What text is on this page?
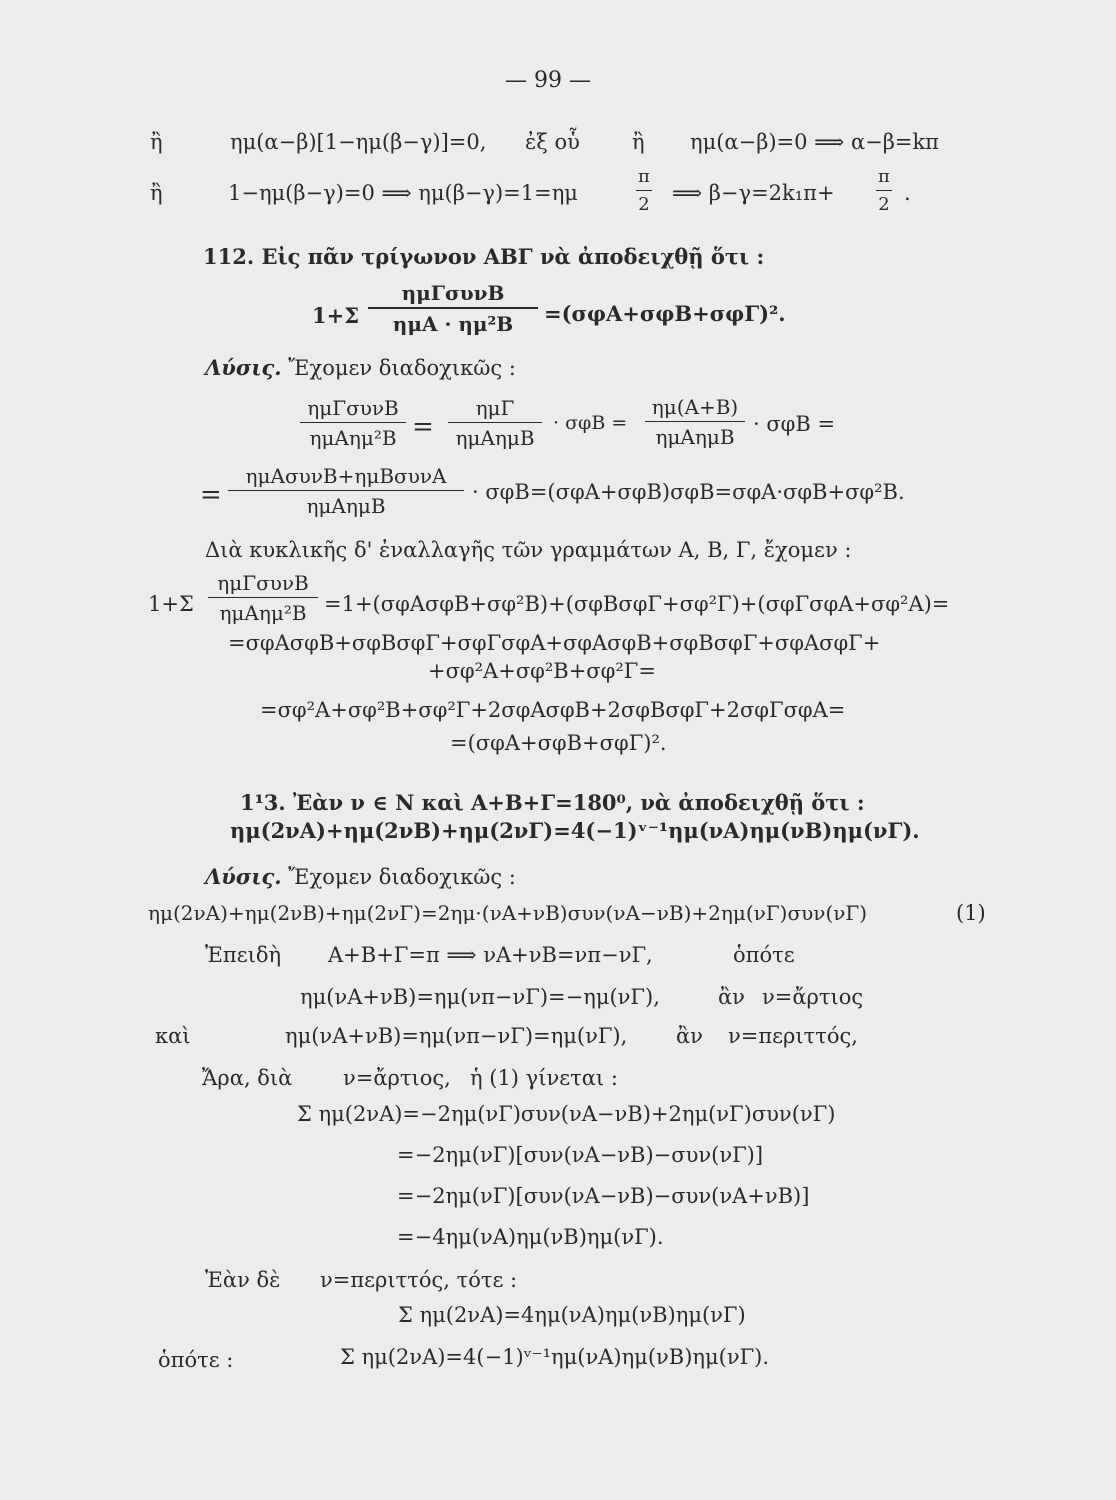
— 99 —
ἢ	ημ(α−β)[1−ημ(β−γ)]=0, ἐξ οὗ ἢ ημ(α−β)=0 ⟹ α−β=kπ
ἢ	1−ημ(β−γ)=0 ⟹ ημ(β−γ)=1=ημ	$\frac{\pi}{2}$ ⟹ $\beta-\gamma=2k_1\pi+ \frac{\pi}{2}$ .
112. Εἰς πᾶν τρίγωνον ΑΒΓ νὰ ἀποδειχθῇ ὅτι :
1+Σ
ημΓσυνΒ
ημΑ · ημ²Β	=(σφΑ+σφΒ+σφΓ)².
Λύσις. Ἔχομεν διαδοχικῶς :
ημΓσυνΒ
ημΑημ²Β =
ημΓ
ημΑημΒ
· σφΒ =
ημ(Α+Β)
ημΑημΒ
· σφΒ =
=
ημΑσυνΒ+ημΒσυνΑ
ημΑημΒ
· σφΒ=(σφΑ+σφΒ)σφΒ=σφΑ·σφΒ+σφ²Β.
Διὰ κυκλικῆς δ' ἐναλλαγῆς τῶν γραμμάτων Α, Β, Γ, ἔχομεν :
1+Σ
ημΓσυνΒ
ημΑημ²Β =1+(σφΑσφΒ+σφ²Β)+(σφΒσφΓ+σφ²Γ)+(σφΓσφΑ+σφ²Α)=
=σφΑσφΒ+σφΒσφΓ+σφΓσφΑ+σφΑσφΒ+σφΒσφΓ+σφΑσφΓ+
+σφ²Α+σφ²Β+σφ²Γ=
=σφ²Α+σφ²Β+σφ²Γ+2σφΑσφΒ+2σφΒσφΓ+2σφΓσφΑ=
=(σφΑ+σφΒ+σφΓ)².
1¹3. Ἐὰν ν ∈ Ν καὶ Α+Β+Γ=180⁰, νὰ ἀποδειχθῇ ὅτι :
ημ(2νΑ)+ημ(2νΒ)+ημ(2νΓ)=4(−1)ᵛ⁻¹ημ(νΑ)ημ(νΒ)ημ(νΓ).
Λύσις. Ἔχομεν διαδοχικῶς :
ημ(2νΑ)+ημ(2νΒ)+ημ(2νΓ)=2ημ·(νΑ+νΒ)συν(νΑ−νΒ)+2ημ(νΓ)συν(νΓ)	(1)
Ἐπειδὴ Α+Β+Γ=π ⟹ νΑ+νΒ=νπ−νΓ,	ὁπότε
ημ(νΑ+νΒ)=ημ(νπ−νΓ)=−ημ(νΓ),	ἂν ν=ἄρτιος
καὶ	ημ(νΑ+νΒ)=ημ(νπ−νΓ)=ημ(νΓ), ἂν ν=περιττός,
Ἄρα, διὰ ν=ἄρτιος, ἡ (1) γίνεται :
Σ ημ(2νΑ)=−2ημ(νΓ)συν(νΑ−νΒ)+2ημ(νΓ)συν(νΓ)
=−2ημ(νΓ)[συν(νΑ−νΒ)−συν(νΓ)]
=−2ημ(νΓ)[συν(νΑ−νΒ)−συν(νΑ+νΒ)]
=−4ημ(νΑ)ημ(νΒ)ημ(νΓ).
Ἐὰν δὲ ν=περιττός, τότε :
Σ ημ(2νΑ)=4ημ(νΑ)ημ(νΒ)ημ(νΓ)
ὁπότε :	Σ ημ(2νΑ)=4(−1)ᵛ⁻¹ημ(νΑ)ημ(νΒ)ημ(νΓ).
